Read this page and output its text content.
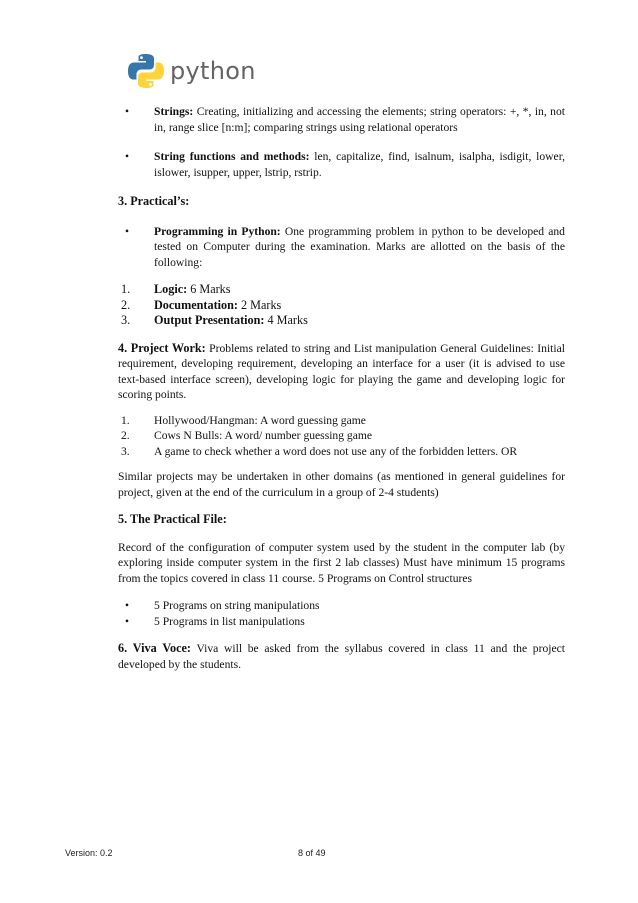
python
• Strings: Creating, initializing and accessing the elements; string operators: +, *, in, not in, range slice [n:m]; comparing strings using relational operators
• String functions and methods: len, capitalize, find, isalnum, isalpha, isdigit, lower, islower, isupper, upper, lstrip, rstrip.
3. Practical’s:
• Programming in Python: One programming problem in python to be developed and tested on Computer during the examination. Marks are allotted on the basis of the following:
1. Logic: 6 Marks
2. Documentation: 2 Marks
3. Output Presentation: 4 Marks
4. Project Work: Problems related to string and List manipulation General Guidelines: Initial requirement, developing requirement, developing an interface for a user (it is advised to use text-based interface screen), developing logic for playing the game and developing logic for scoring points.
1. Hollywood/Hangman: A word guessing game
2. Cows N Bulls: A word/ number guessing game
3. A game to check whether a word does not use any of the forbidden letters. OR
Similar projects may be undertaken in other domains (as mentioned in general guidelines for project, given at the end of the curriculum in a group of 2-4 students)
5. The Practical File:
Record of the configuration of computer system used by the student in the computer lab (by exploring inside computer system in the first 2 lab classes) Must have minimum 15 programs from the topics covered in class 11 course. 5 Programs on Control structures
• 5 Programs on string manipulations
• 5 Programs in list manipulations
6. Viva Voce: Viva will be asked from the syllabus covered in class 11 and the project developed by the students.
Version: 0.2	8 of 49
